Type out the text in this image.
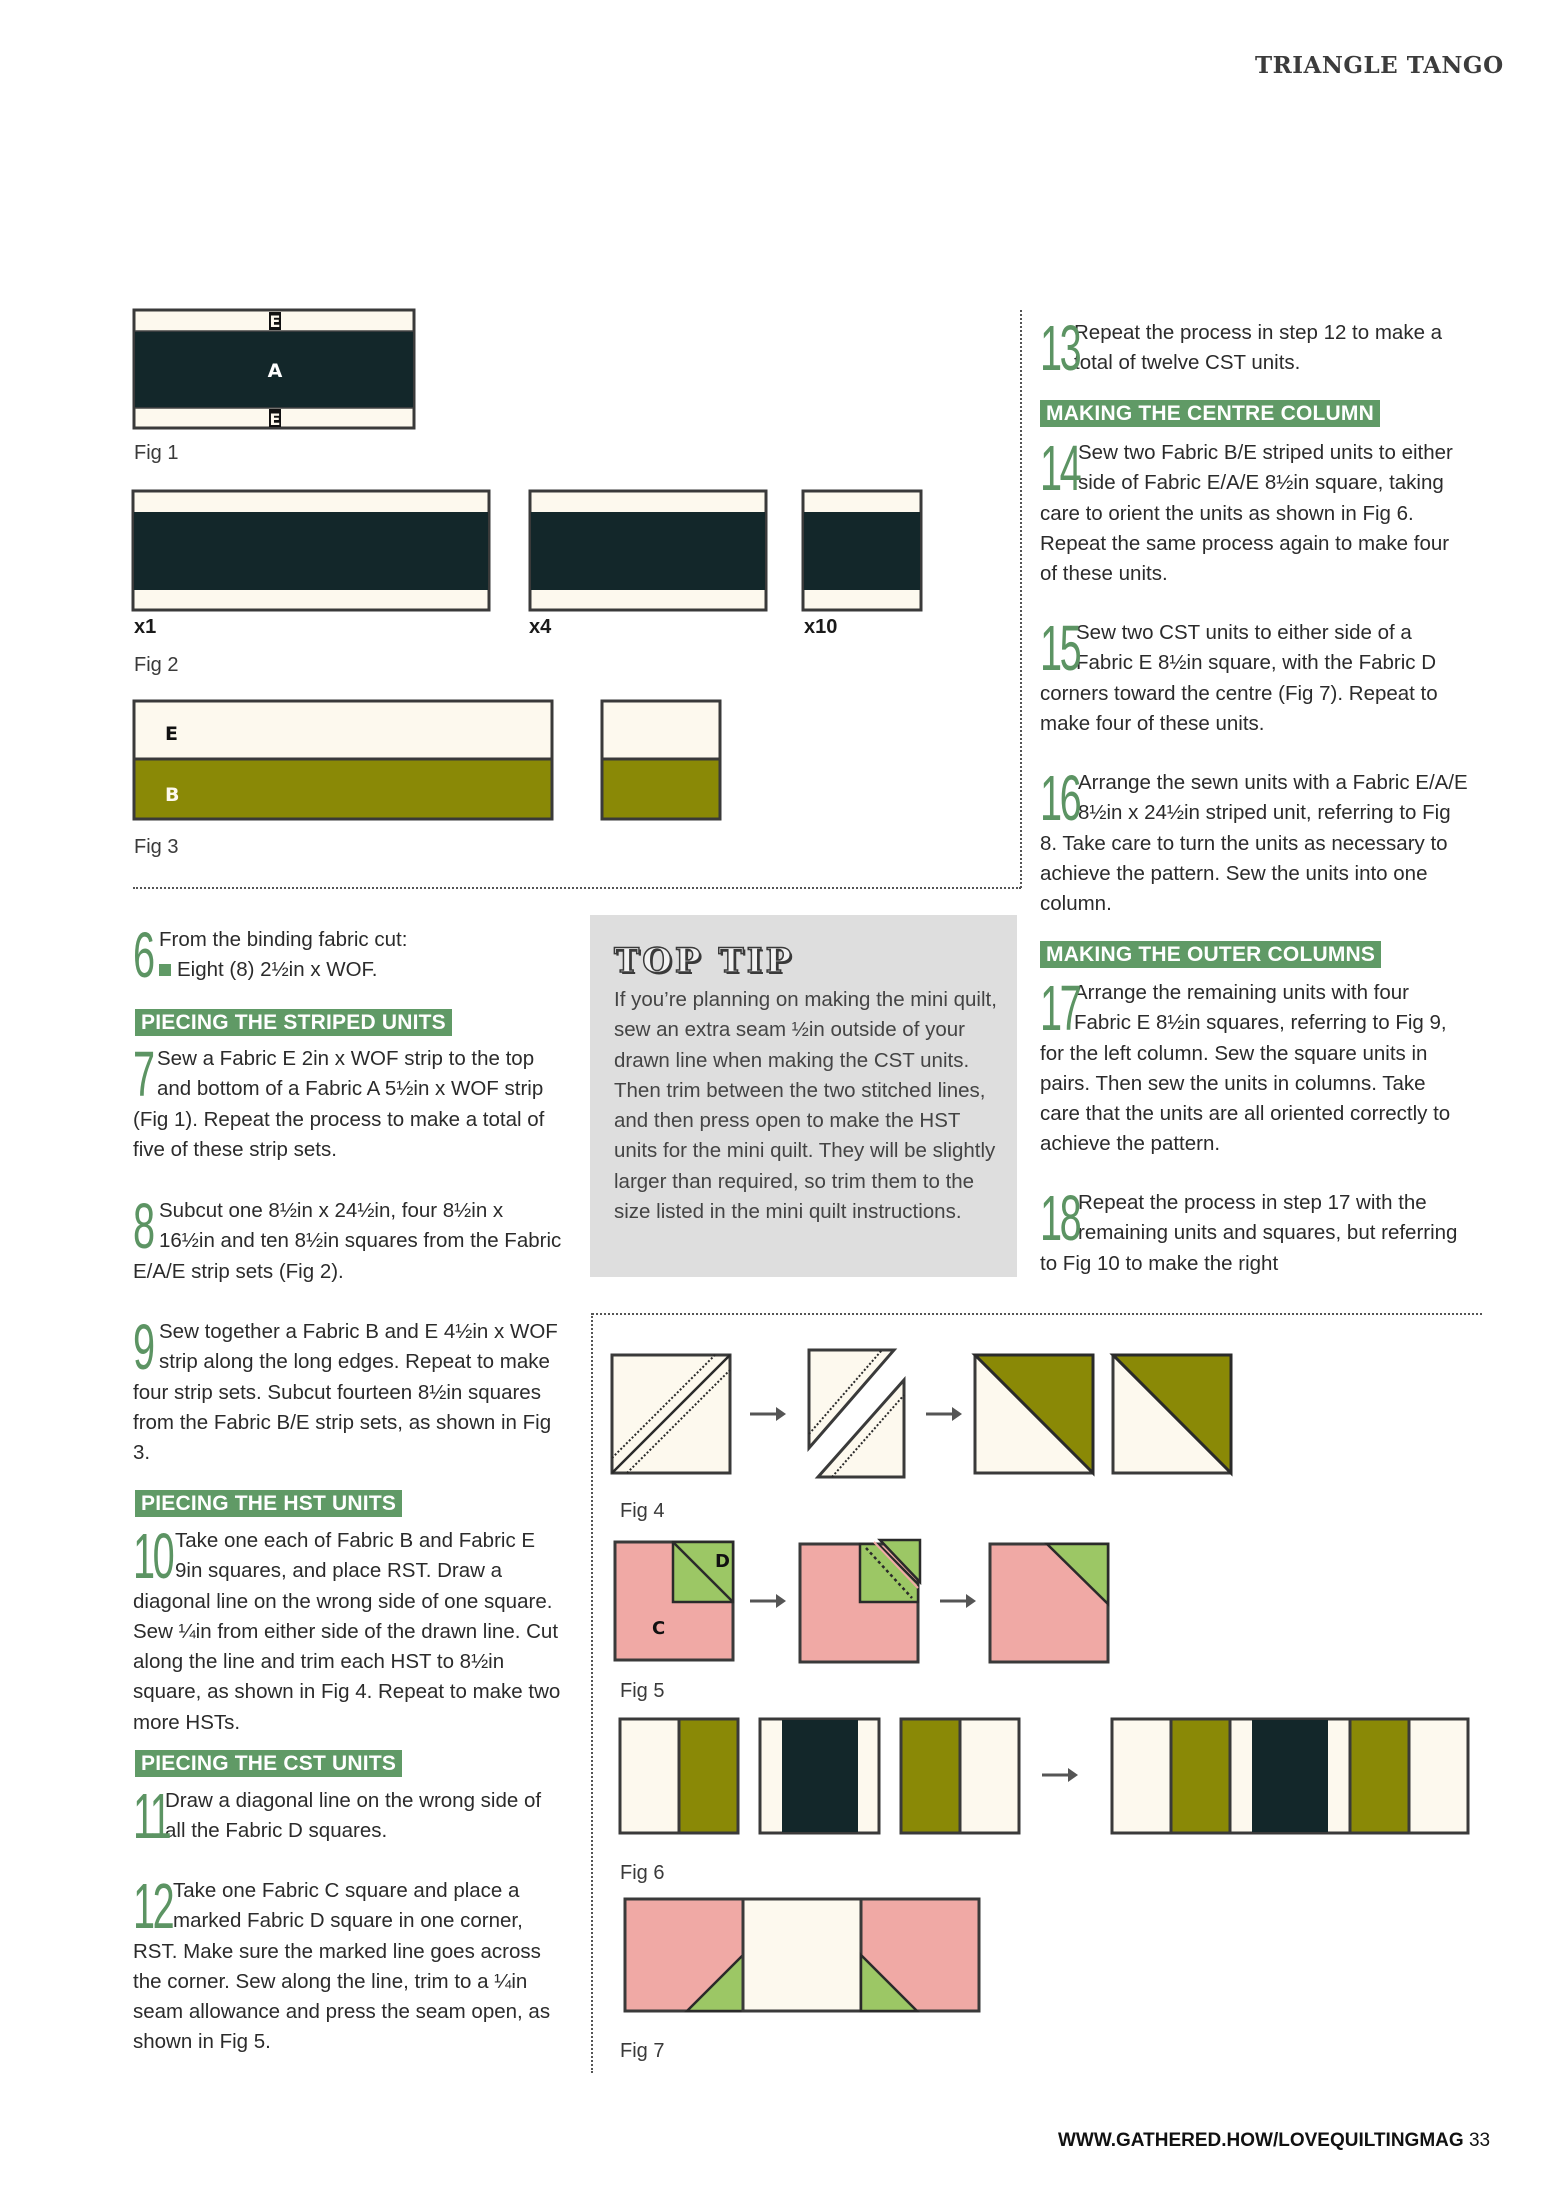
TRIANGLE TANGO
E
A
E
Fig 1
x1	x4	x10
Fig 2
E
B
Fig 3
6 From the binding fabric cut:
Eight (8) 2½in x WOF.
PIECING THE STRIPED UNITS
7 Sew a Fabric E 2in x WOF strip to the top and bottom of a Fabric A 5½in x WOF strip (Fig 1). Repeat the process to make a total of five of these strip sets.
8 Subcut one 8½in x 24½in, four 8½in x 16½in and ten 8½in squares from the Fabric E/A/E strip sets (Fig 2).
9 Sew together a Fabric B and E 4½in x WOF strip along the long edges. Repeat to make four strip sets. Subcut fourteen 8½in squares from the Fabric B/E strip sets, as shown in Fig 3.
PIECING THE HST UNITS
10 Take one each of Fabric B and Fabric E 9in squares, and place RST. Draw a diagonal line on the wrong side of one square. Sew ¼in from either side of the drawn line. Cut along the line and trim each HST to 8½in square, as shown in Fig 4. Repeat to make two more HSTs.
PIECING THE CST UNITS
11
Draw a diagonal line on the wrong side of all the Fabric D squares.
12 Take one Fabric C square and place a marked Fabric D square in one corner, RST. Make sure the marked line goes across the corner. Sew along the line, trim to a ¼in seam allowance and press the seam open, as shown in Fig 5.
TOP TIP
If you’re planning on making the mini quilt, sew an extra seam ½in outside of your drawn line when making the CST units. Then trim between the two stitched lines, and then press open to make the HST units for the mini quilt. They will be slightly larger than required, so trim them to the size listed in the mini quilt instructions.
13
Repeat the process in step 12 to make a total of twelve CST units.
MAKING THE CENTRE COLUMN
14
Sew two Fabric B/E striped units to either side of Fabric E/A/E 8½in square, taking care to orient the units as shown in Fig 6. Repeat the same process again to make four of these units.
15
Sew two CST units to either side of a Fabric E 8½in square, with the Fabric D corners toward the centre (Fig 7). Repeat to make four of these units.
16
Arrange the sewn units with a Fabric E/A/E 8½in x 24½in striped unit, referring to Fig 8. Take care to turn the units as necessary to achieve the pattern. Sew the units into one column.
MAKING THE OUTER COLUMNS
17
Arrange the remaining units with four Fabric E 8½in squares, referring to Fig 9, for the left column. Sew the square units in pairs. Then sew the units in columns. Take care that the units are all oriented correctly to achieve the pattern.
18
Repeat the process in step 17 with the remaining units and squares, but referring to Fig 10 to make the right
Fig 4
D
C
Fig 5
Fig 6
Fig 7
WWW.GATHERED.HOW/LOVEQUILTINGMAG 33
